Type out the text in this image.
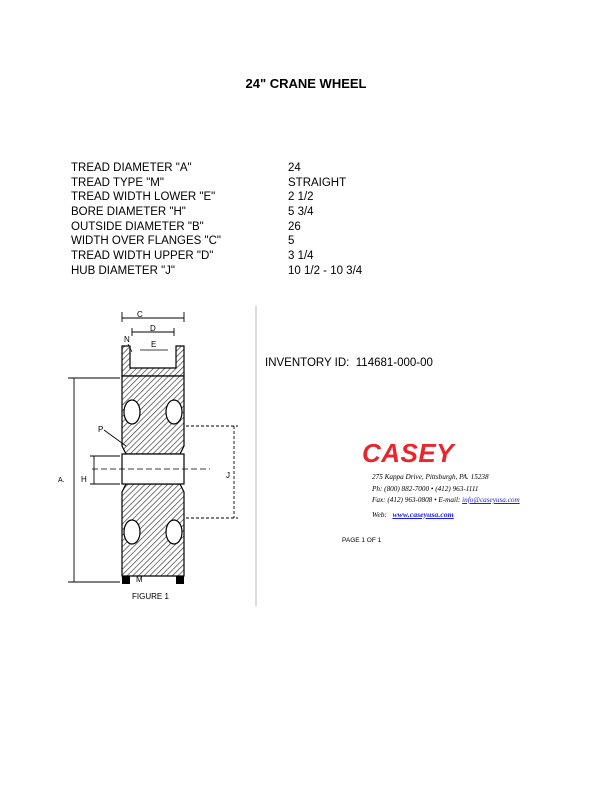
24" CRANE WHEEL
TREAD DIAMETER "A"	24
TREAD TYPE "M"	STRAIGHT
TREAD WIDTH LOWER "E"	2 1/2
BORE DIAMETER "H"	5 3/4
OUTSIDE DIAMETER "B"	26
WIDTH OVER FLANGES "C"	5
TREAD WIDTH UPPER "D"	3 1/4
HUB DIAMETER "J"	10 1/2 - 10 3/4
C
D
N
E
P
A. H	J
M
FIGURE 1
INVENTORY ID: 114681-000-00
CASEY
275 Kappa Drive, Pittsburgh, PA. 15238
Ph: (800) 882-7000 • (412) 963-1111
Fax: (412) 963-0808 • E-mail: info@caseyusa.com
Web: www.caseyusa.com
PAGE 1 OF 1
